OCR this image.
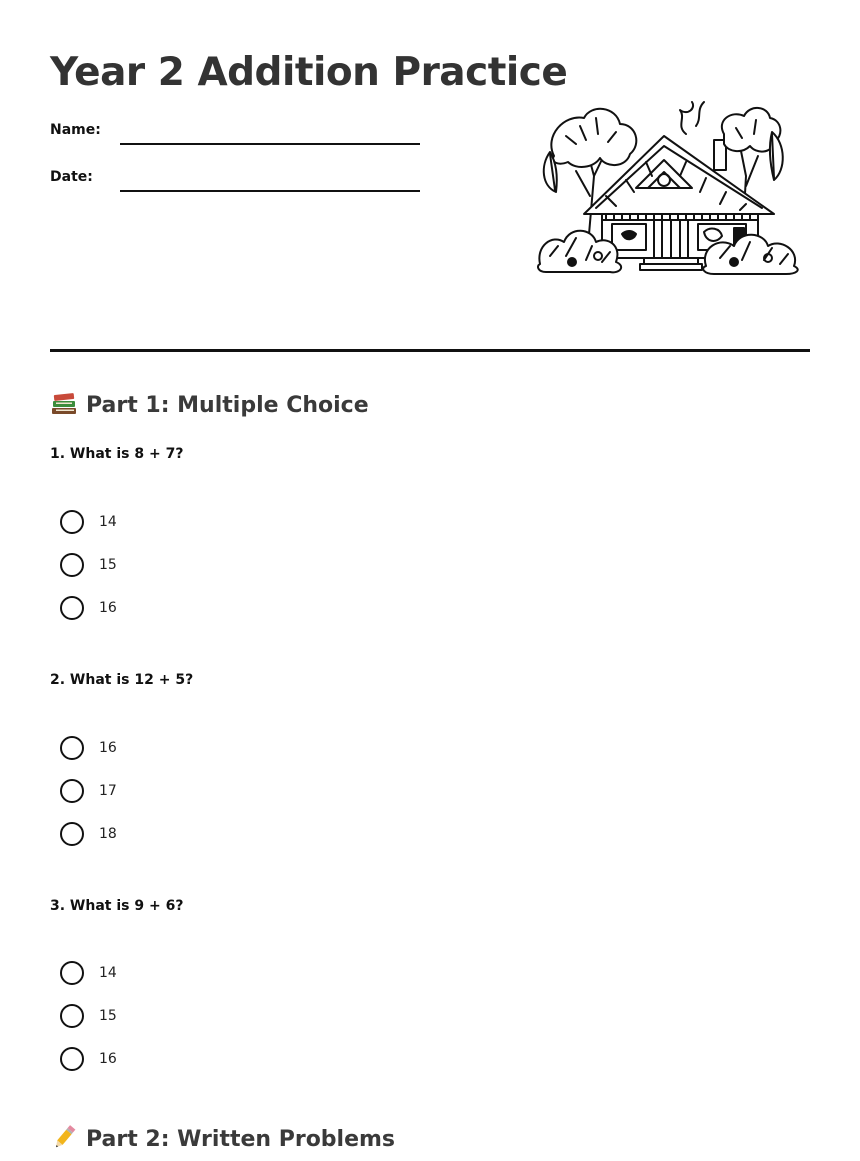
Year 2 Addition Practice
Name:
Date:
Part 1: Multiple Choice
1. What is 8 + 7?
14
15
16
2. What is 12 + 5?
16
17
18
3. What is 9 + 6?
14
15
16
Part 2: Written Problems
